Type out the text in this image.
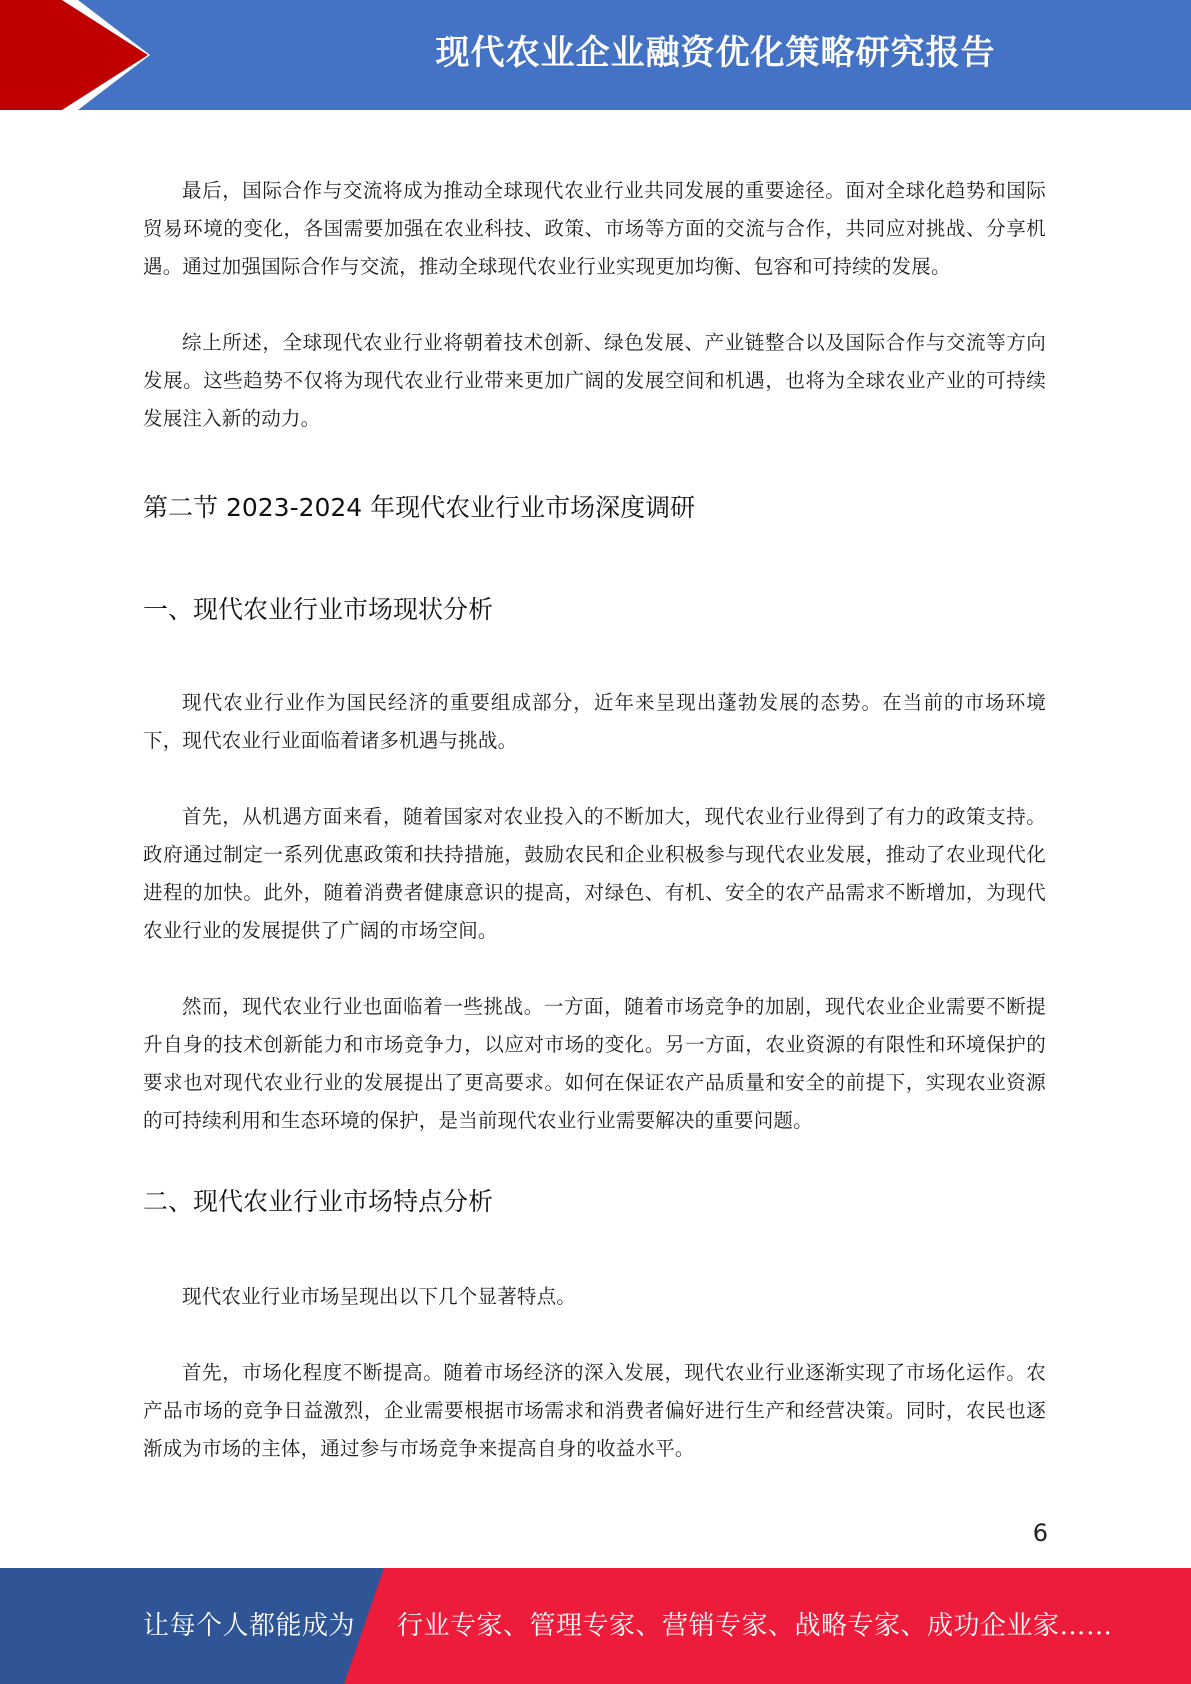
现代农业企业融资优化策略研究报告

最后，国际合作与交流将成为推动全球现代农业行业共同发展的重要途径。面对全球化趋势和国际贸易环境的变化，各国需要加强在农业科技、政策、市场等方面的交流与合作，共同应对挑战、分享机遇。通过加强国际合作与交流，推动全球现代农业行业实现更加均衡、包容和可持续的发展。

综上所述，全球现代农业行业将朝着技术创新、绿色发展、产业链整合以及国际合作与交流等方向发展。这些趋势不仅将为现代农业行业带来更加广阔的发展空间和机遇，也将为全球农业产业的可持续发展注入新的动力。

第二节 2023-2024 年现代农业行业市场深度调研
一、现代农业行业市场现状分析

现代农业行业作为国民经济的重要组成部分，近年来呈现出蓬勃发展的态势。在当前的市场环境下，现代农业行业面临着诸多机遇与挑战。

首先，从机遇方面来看，随着国家对农业投入的不断加大，现代农业行业得到了有力的政策支持。政府通过制定一系列优惠政策和扶持措施，鼓励农民和企业积极参与现代农业发展，推动了农业现代化进程的加快。此外，随着消费者健康意识的提高，对绿色、有机、安全的农产品需求不断增加，为现代农业行业的发展提供了广阔的市场空间。

然而，现代农业行业也面临着一些挑战。一方面，随着市场竞争的加剧，现代农业企业需要不断提升自身的技术创新能力和市场竞争力，以应对市场的变化。另一方面，农业资源的有限性和环境保护的要求也对现代农业行业的发展提出了更高要求。如何在保证农产品质量和安全的前提下，实现农业资源的可持续利用和生态环境的保护，是当前现代农业行业需要解决的重要问题。

二、现代农业行业市场特点分析

现代农业行业市场呈现出以下几个显著特点。

首先，市场化程度不断提高。随着市场经济的深入发展，现代农业行业逐渐实现了市场化运作。农产品市场的竞争日益激烈，企业需要根据市场需求和消费者偏好进行生产和经营决策。同时，农民也逐渐成为市场的主体，通过参与市场竞争来提高自身的收益水平。

6
让每个人都能成为 行业专家、管理专家、营销专家、战略专家、成功企业家……
